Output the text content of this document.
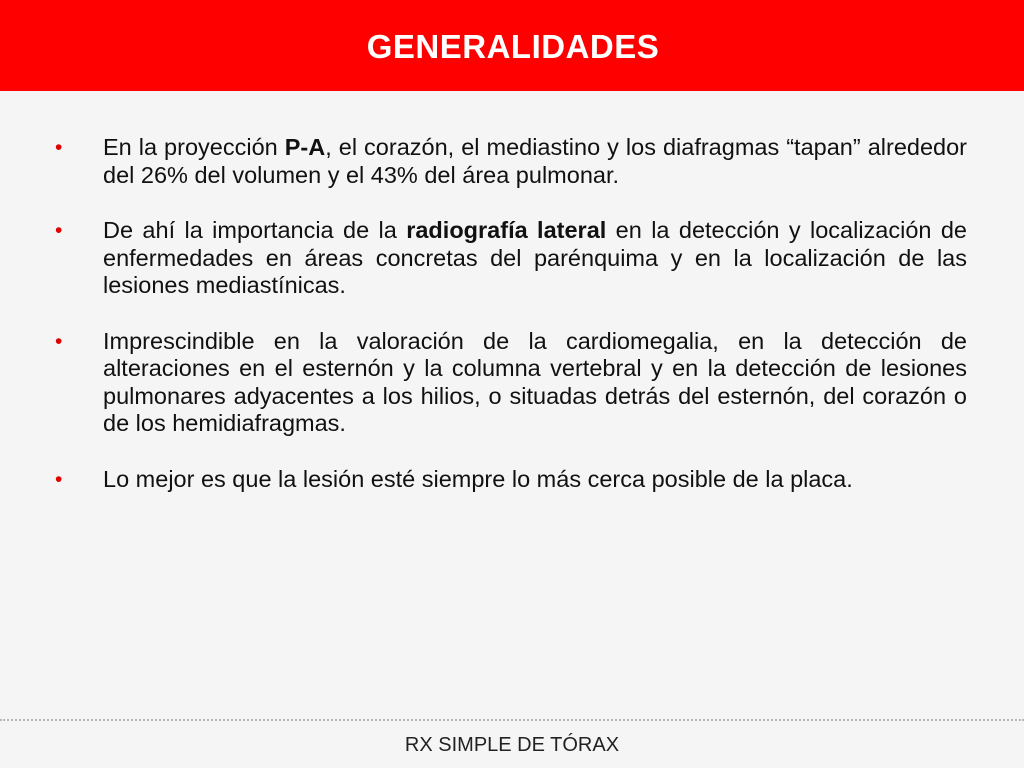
GENERALIDADES
• En la proyección P-A, el corazón, el mediastino y los diafragmas “tapan” alrededor del 26% del volumen y el 43% del área pulmonar.
• De ahí la importancia de la radiografía lateral en la detección y localización de enfermedades en áreas concretas del parénquima y en la localización de las lesiones mediastínicas.
• Imprescindible en la valoración de la cardiomegalia, en la detección de alteraciones en el esternón y la columna vertebral y en la detección de lesiones pulmonares adyacentes a los hilios, o situadas detrás del esternón, del corazón o de los hemidiafragmas.
• Lo mejor es que la lesión esté siempre lo más cerca posible de la placa.
RX SIMPLE DE TÓRAX
